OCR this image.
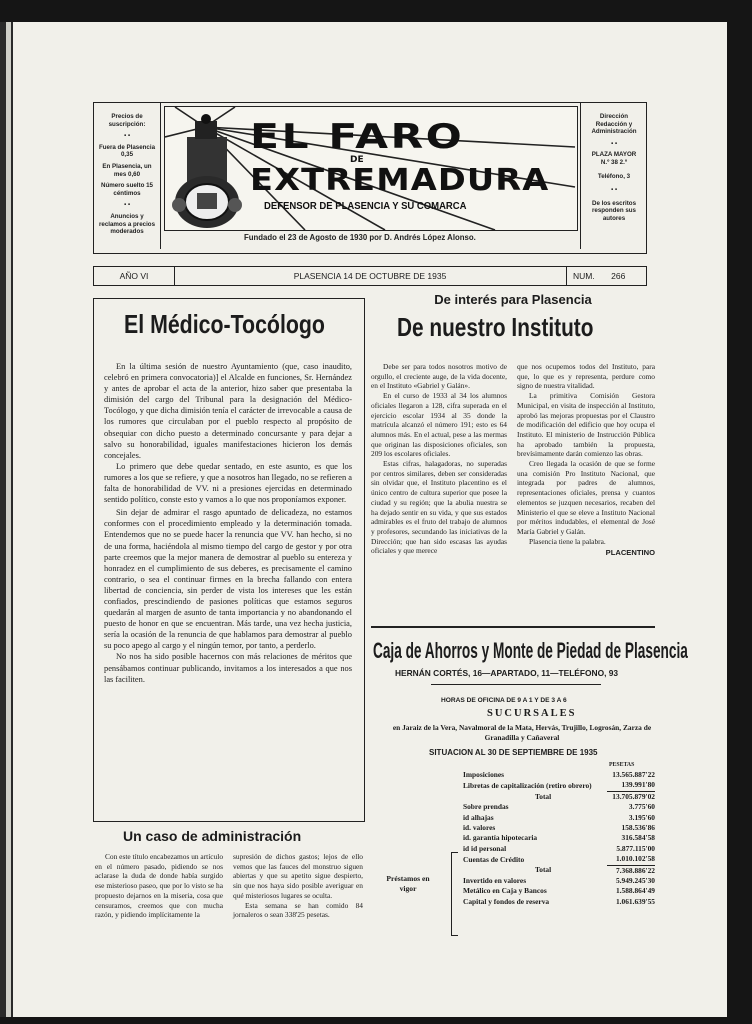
Precios de suscripción:
▪ ▪
Fuera de Plasencia 0,35
En Plasencia, un mes 0,60
Número suelto 15 céntimos
▪ ▪
Anuncios y reclamos a precios moderados
EL FARO
DE
EXTREMADURA
DEFENSOR DE PLASENCIA Y SU COMARCA
Fundado el 23 de Agosto de 1930 por D. Andrés López Alonso.
Dirección Redacción y Administración
▪ ▪
PLAZA MAYOR
N.º 38 2.º
Teléfono, 3
▪ ▪
De los escritos responden sus autores
AÑO VI	PLASENCIA 14 DE OCTUBRE DE 1935	NUM. 266
El Médico-Tocólogo

En la última sesión de nuestro Ayuntamiento (que, caso inaudito, celebró en primera convocatoria)] el Alcalde en funciones, Sr. Hernández y antes de aprobar el acta de la anterior, hizo saber que presentaba la dimisión del cargo del Tribunal para la designación del Médico-Tocólogo, y que dicha dimisión tenía el carácter de irrevocable a causa de los rumores que circulaban por el pueblo respecto al propósito de obsequiar con dicho puesto a determinado concursante y para dejar a salvo su honorabilidad, iguales manifestaciones hicieron los demás concejales.

Lo primero que debe quedar sentado, en este asunto, es que los rumores a los que se refiere, y que a nosotros han llegado, no se refieren a falta de honorabilidad de VV. ni a presiones ejercidas en determinado sentido político, conste esto y vamos a lo que nos proponíamos exponer.

Sin dejar de admirar el rasgo apuntado de delicadeza, no estamos conformes con el procedimiento empleado y la determinación tomada. Entendemos que no se puede hacer la renuncia que VV. han hecho, si no de una forma, haciéndola al mismo tiempo del cargo de gestor y por otra parte creemos que la mejor manera de demostrar al pueblo su entereza y honradez en el cumplimiento de sus deberes, es precisamente el camino contrario, o sea el continuar firmes en la brecha fallando con entera libertad de conciencia, sin perder de vista los intereses que les están confiados, prescindiendo de pasiones políticas que estamos seguros quedarán al margen de asunto de tanta importancia y no abandonando el puesto de honor en que se encuentran. Más tarde, una vez hecha justicia, sería la ocasión de la renuncia de que hablamos para demostrar al pueblo su poco apego al cargo y el ningún temor, por tanto, a perderlo.

No nos ha sido posible hacernos con más relaciones de méritos que pensábamos continuar publicando, invitamos a los interesados a que nos las faciliten.

Un caso de administración
Con este título encabezamos un artículo en el número pasado, pidiendo se nos aclarase la duda de donde había surgido ese misterioso paseo, que por lo visto se ha propuesto dejarnos en la miseria, cosa que censuramos, creemos que con mucha razón, y pidiendo implícitamente la

supresión de dichos gastos; lejos de ello vemos que las fauces del monstruo siguen abiertas y que su apetito sigue despierto, sin que nos haya sido posible averiguar en qué misteriosos lugares se oculta.

Esta semana se han comido 84 jornaleros o sean 338'25 pesetas.

De interés para Plasencia
De nuestro Instituto

Debe ser para todos nosotros motivo de orgullo, el creciente auge, de la vida docente, en el Instituto «Gabriel y Galán».

En el curso de 1933 al 34 los alumnos oficiales llegaron a 128, cifra superada en el ejercicio escolar 1934 al 35 donde la matrícula alcanzó el número 191; esto es 64 alumnos más. En el actual, pese a las mermas que originan las disposiciones oficiales, son 209 los escolares oficiales.

Estas cifras, halagadoras, no superadas por centros similares, deben ser consideradas sin olvidar que, el Instituto placentino es el único centro de cultura superior que posee la ciudad y su región; que la abulia nuestra se ha dejado sentir en su vida, y que sus estados admirables es el fruto del trabajo de alumnos y profesores, secundando las iniciativas de la Dirección; que han sido escasas las ayudas oficiales y que merece

que nos ocupemos todos del Instituto, para que, lo que es y representa, perdure como signo de nuestra vitalidad.

La primitiva Comisión Gestora Municipal, en visita de inspección al Instituto, aprobó las mejoras propuestas por el Claustro de modificación del edificio que hoy ocupa el Instituto. El ministerio de Instrucción Pública ha aprobado también la propuesta, brevísimamente darán comienzo las obras.

Creo llegada la ocasión de que se forme una comisión Pro Instituto Nacional, que integrada por padres de alumnos, representaciones oficiales, prensa y cuantos elementos se juzquen necesarios, recaben del Ministerio el que se eleve a Instituto Nacional por méritos indudables, el elemental de José María Gabriel y Galán.

Plasencia tiene la palabra.

PLACENTINO

Caja de Ahorros y Monte de Piedad de Plasencia
HERNÁN CORTÉS, 16—APARTADO, 11—TELÉFONO, 93
HORAS DE OFICINA DE 9 A 1 Y DE 3 A 6
SUCURSALES
en Jaraiz de la Vera, Navalmoral de la Mata, Hervás, Trujillo, Logrosán, Zarza de Granadilla y Cañaveral
SITUACION AL 30 DE SEPTIEMBRE DE 1935
PESETAS
Préstamos en vigor
Imposiciones	13.565.887'22
Libretas de capitalización (retiro obrero)	139.991'80
Total	13.705.879'02
Sobre prendas	3.775'60
id alhajas	3.195'60
id. valores	158.536'86
id. garantía hipotecaria	316.584'58
id id personal	5.877.115'00
Cuentas de Crédito	1.010.102'58
Total	7.368.886'22
Invertido en valores	5.949.245'30
Metálico en Caja y Bancos	1.588.864'49
Capital y fondos de reserva	1.061.639'55
